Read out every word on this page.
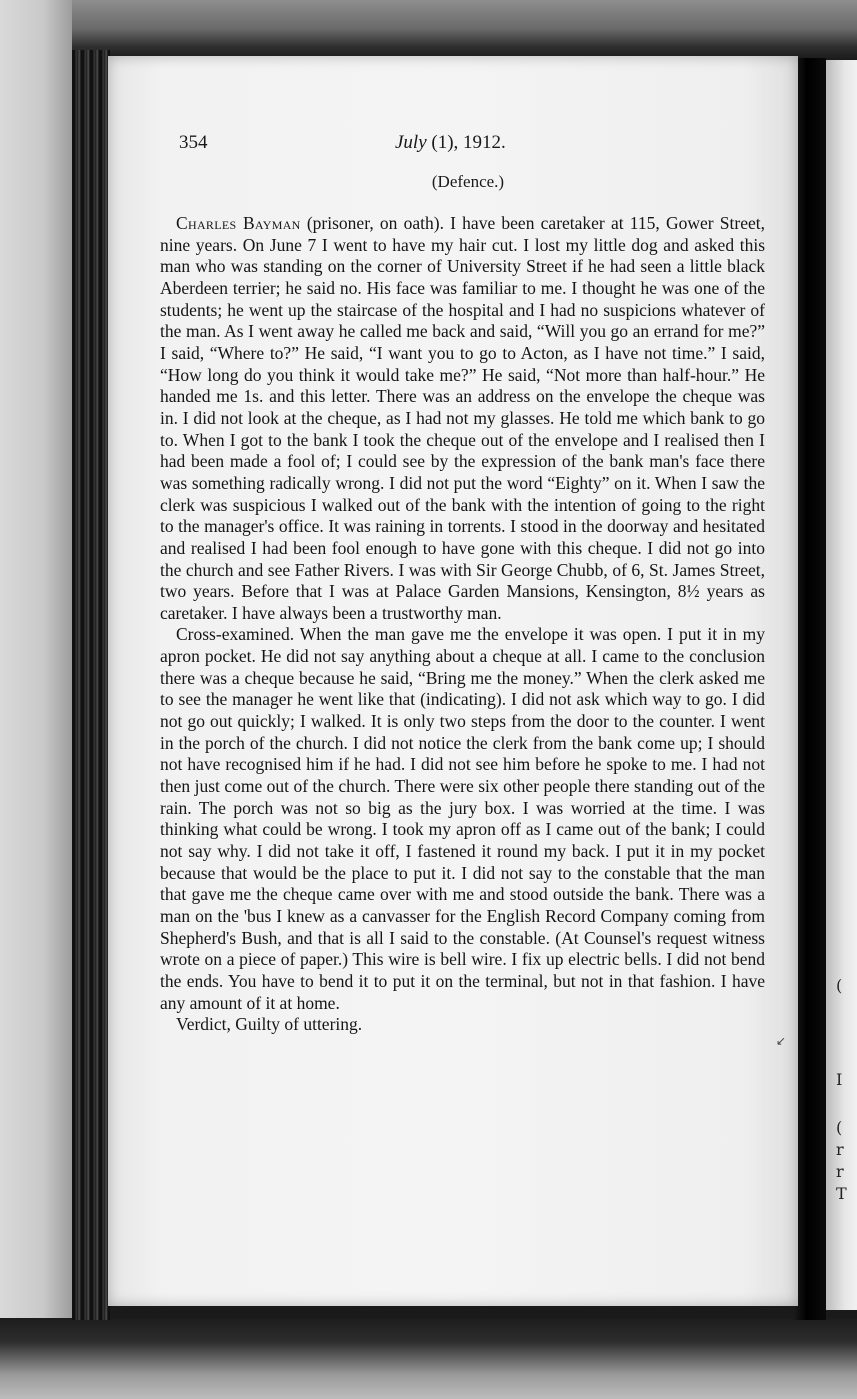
(
I
(
r
r
T
354	July (1), 1912.
(Defence.)

Charles Bayman (prisoner, on oath). I have been caretaker at 115, Gower Street, nine years. On June 7 I went to have my hair cut. I lost my little dog and asked this man who was standing on the corner of University Street if he had seen a little black Aberdeen terrier; he said no. His face was familiar to me. I thought he was one of the students; he went up the staircase of the hospital and I had no suspicions whatever of the man. As I went away he called me back and said, “Will you go an errand for me?” I said, “Where to?” He said, “I want you to go to Acton, as I have not time.” I said, “How long do you think it would take me?” He said, “Not more than half-hour.” He handed me 1s. and this letter. There was an address on the envelope the cheque was in. I did not look at the cheque, as I had not my glasses. He told me which bank to go to. When I got to the bank I took the cheque out of the envelope and I realised then I had been made a fool of; I could see by the expression of the bank man's face there was something radically wrong. I did not put the word “Eighty” on it. When I saw the clerk was suspicious I walked out of the bank with the intention of going to the right to the manager's office. It was raining in torrents. I stood in the doorway and hesitated and realised I had been fool enough to have gone with this cheque. I did not go into the church and see Father Rivers. I was with Sir George Chubb, of 6, St. James Street, two years. Before that I was at Palace Garden Mansions, Kensington, 8½ years as caretaker. I have always been a trustworthy man.

Cross-examined. When the man gave me the envelope it was open. I put it in my apron pocket. He did not say anything about a cheque at all. I came to the conclusion there was a cheque because he said, “Bring me the money.” When the clerk asked me to see the manager he went like that (indicating). I did not ask which way to go. I did not go out quickly; I walked. It is only two steps from the door to the counter. I went in the porch of the church. I did not notice the clerk from the bank come up; I should not have recognised him if he had. I did not see him before he spoke to me. I had not then just come out of the church. There were six other people there standing out of the rain. The porch was not so big as the jury box. I was worried at the time. I was thinking what could be wrong. I took my apron off as I came out of the bank; I could not say why. I did not take it off, I fastened it round my back. I put it in my pocket because that would be the place to put it. I did not say to the constable that the man that gave me the cheque came over with me and stood outside the bank. There was a man on the 'bus I knew as a canvasser for the English Record Company coming from Shepherd's Bush, and that is all I said to the constable. (At Counsel's request witness wrote on a piece of paper.) This wire is bell wire. I fix up electric bells. I did not bend the ends. You have to bend it to put it on the terminal, but not in that fashion. I have any amount of it at home.

Verdict, Guilty of uttering.

↙
